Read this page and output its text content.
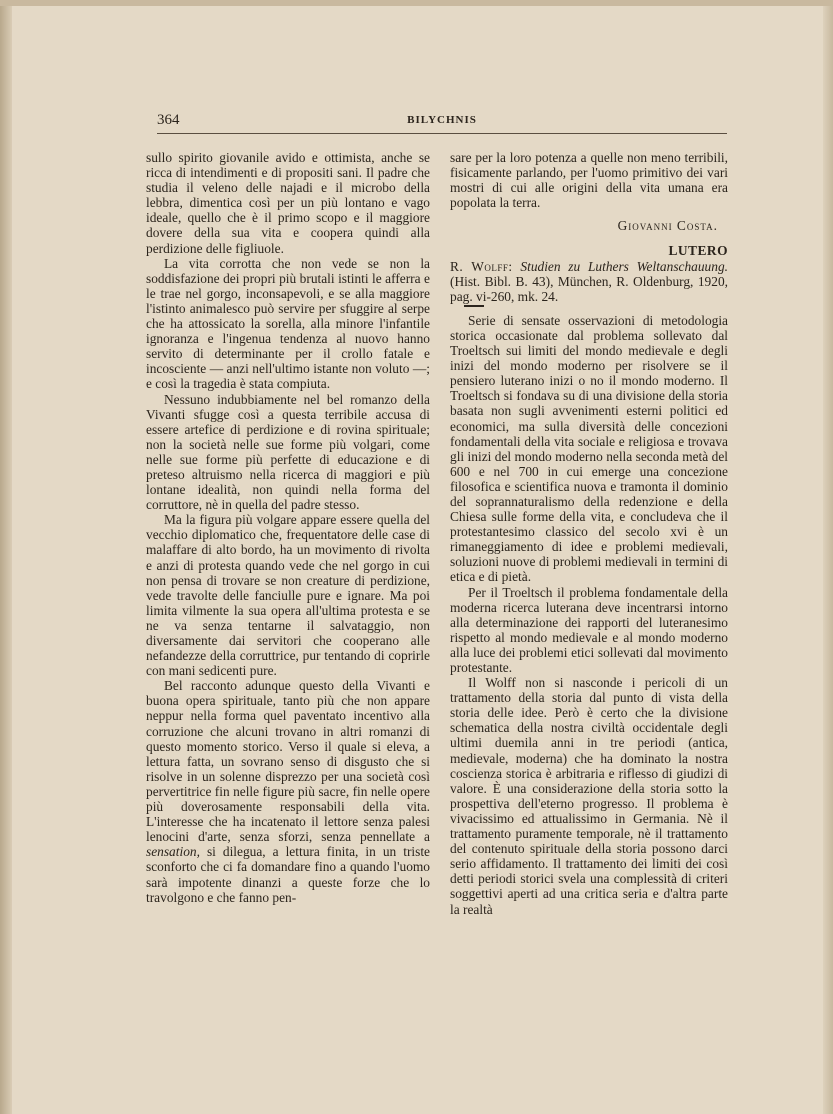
364	BILYCHNIS

sullo spirito giovanile avido e ottimista, anche se ricca di intendimenti e di propositi sani. Il padre che studia il veleno delle najadi e il microbo della lebbra, dimentica così per un più lontano e vago ideale, quello che è il primo scopo e il maggiore dovere della sua vita e coopera quindi alla perdizione delle figliuole.

La vita corrotta che non vede se non la soddisfazione dei propri più brutali istinti le afferra e le trae nel gorgo, inconsapevoli, e se alla maggiore l'istinto animalesco può servire per sfuggire al serpe che ha attossicato la sorella, alla minore l'infantile ignoranza e l'ingenua tendenza al nuovo hanno servito di determinante per il crollo fatale e incosciente — anzi nell'ultimo istante non voluto —; e così la tragedia è stata compiuta.

Nessuno indubbiamente nel bel romanzo della Vivanti sfugge così a questa terribile accusa di essere artefice di perdizione e di rovina spirituale; non la società nelle sue forme più volgari, come nelle sue forme più perfette di educazione e di preteso altruismo nella ricerca di maggiori e più lontane idealità, non quindi nella forma del corruttore, nè in quella del padre stesso.

Ma la figura più volgare appare essere quella del vecchio diplomatico che, frequentatore delle case di malaffare di alto bordo, ha un movimento di rivolta e anzi di protesta quando vede che nel gorgo in cui non pensa di trovare se non creature di perdizione, vede travolte delle fanciulle pure e ignare. Ma poi limita vilmente la sua opera all'ultima protesta e se ne va senza tentarne il salvataggio, non diversamente dai servitori che cooperano alle nefandezze della corruttrice, pur tentando di coprirle con mani sedicenti pure.

Bel racconto adunque questo della Vivanti e buona opera spirituale, tanto più che non appare neppur nella forma quel paventato incentivo alla corruzione che alcuni trovano in altri romanzi di questo momento storico. Verso il quale si eleva, a lettura fatta, un sovrano senso di disgusto che si risolve in un solenne disprezzo per una società così pervertitrice fin nelle figure più sacre, fin nelle opere più doverosamente responsabili della vita. L'interesse che ha incatenato il lettore senza palesi lenocini d'arte, senza sforzi, senza pennellate a sensation, si dilegua, a lettura finita, in un triste sconforto che ci fa domandare fino a quando l'uomo sarà impotente dinanzi a queste forze che lo travolgono e che fanno pen-

sare per la loro potenza a quelle non meno terribili, fisicamente parlando, per l'uomo primitivo dei vari mostri di cui alle origini della vita umana era popolata la terra.

Giovanni Costa.

LUTERO

R. Wolff: Studien zu Luthers Weltanschauung. (Hist. Bibl. B. 43), München, R. Oldenburg, 1920, pag. vi-260, mk. 24.

Serie di sensate osservazioni di metodologia storica occasionate dal problema sollevato dal Troeltsch sui limiti del mondo medievale e degli inizi del mondo moderno per risolvere se il pensiero luterano inizi o no il mondo moderno. Il Troeltsch si fondava su di una divisione della storia basata non sugli avvenimenti esterni politici ed economici, ma sulla diversità delle concezioni fondamentali della vita sociale e religiosa e trovava gli inizi del mondo moderno nella seconda metà del 600 e nel 700 in cui emerge una concezione filosofica e scientifica nuova e tramonta il dominio del soprannaturalismo della redenzione e della Chiesa sulle forme della vita, e concludeva che il protestantesimo classico del secolo xvi è un rimaneggiamento di idee e problemi medievali, soluzioni nuove di problemi medievali in termini di etica e di pietà.

Per il Troeltsch il problema fondamentale della moderna ricerca luterana deve incentrarsi intorno alla determinazione dei rapporti del luteranesimo rispetto al mondo medievale e al mondo moderno alla luce dei problemi etici sollevati dal movimento protestante.

Il Wolff non si nasconde i pericoli di un trattamento della storia dal punto di vista della storia delle idee. Però è certo che la divisione schematica della nostra civiltà occidentale degli ultimi duemila anni in tre periodi (antica, medievale, moderna) che ha dominato la nostra coscienza storica è arbitraria e riflesso di giudizi di valore. È una considerazione della storia sotto la prospettiva dell'eterno progresso. Il problema è vivacissimo ed attualissimo in Germania. Nè il trattamento puramente temporale, nè il trattamento del contenuto spirituale della storia possono darci serio affidamento. Il trattamento dei limiti dei così detti periodi storici svela una complessità di criteri soggettivi aperti ad una critica seria e d'altra parte la realtà
